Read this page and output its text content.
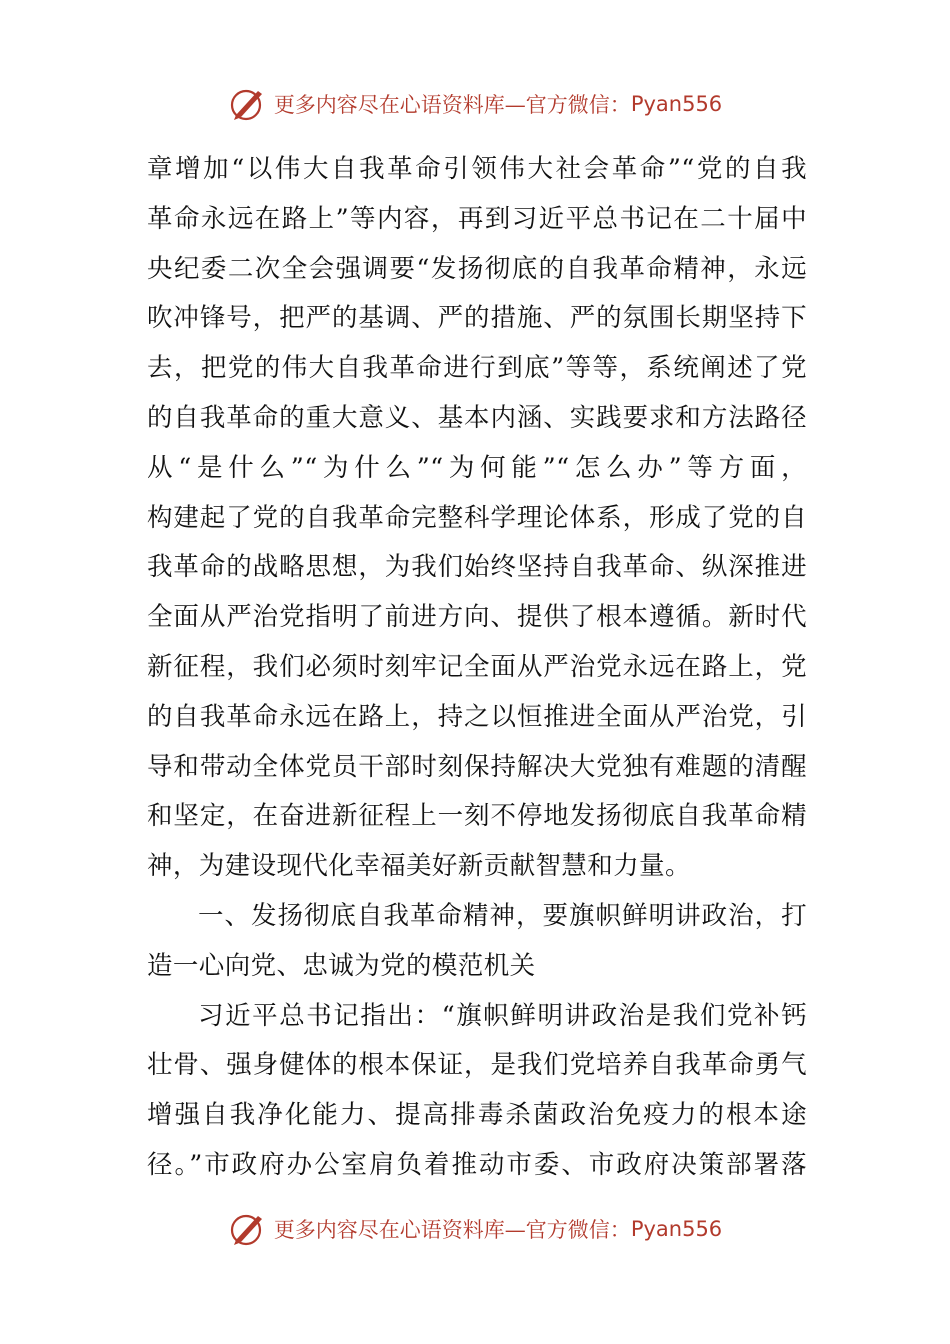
更多内容尽在心语资料库—官方微信： Pyan556
章增加“以伟大自我革命引领伟大社会革命”“党的自我
革命永远在路上”等内容，再到习近平总书记在二十届中
央纪委二次全会强调要“发扬彻底的自我革命精神，永远
吹冲锋号，把严的基调、严的措施、严的氛围长期坚持下
去，把党的伟大自我革命进行到底”等等，系统阐述了党
的自我革命的重大意义、基本内涵、实践要求和方法路径
从“是什么”“为什么”“为何能”“怎么办”等方面，
构建起了党的自我革命完整科学理论体系，形成了党的自
我革命的战略思想，为我们始终坚持自我革命、纵深推进
全面从严治党指明了前进方向、提供了根本遵循。新时代
新征程，我们必须时刻牢记全面从严治党永远在路上，党
的自我革命永远在路上，持之以恒推进全面从严治党，引
导和带动全体党员干部时刻保持解决大党独有难题的清醒
和坚定，在奋进新征程上一刻不停地发扬彻底自我革命精
神，为建设现代化幸福美好新贡献智慧和力量。
一、发扬彻底自我革命精神，要旗帜鲜明讲政治，打
造一心向党、忠诚为党的模范机关
习近平总书记指出：“旗帜鲜明讲政治是我们党补钙
壮骨、强身健体的根本保证，是我们党培养自我革命勇气
增强自我净化能力、提高排毒杀菌政治免疫力的根本途
径。”市政府办公室肩负着推动市委、市政府决策部署落
更多内容尽在心语资料库—官方微信： Pyan556
